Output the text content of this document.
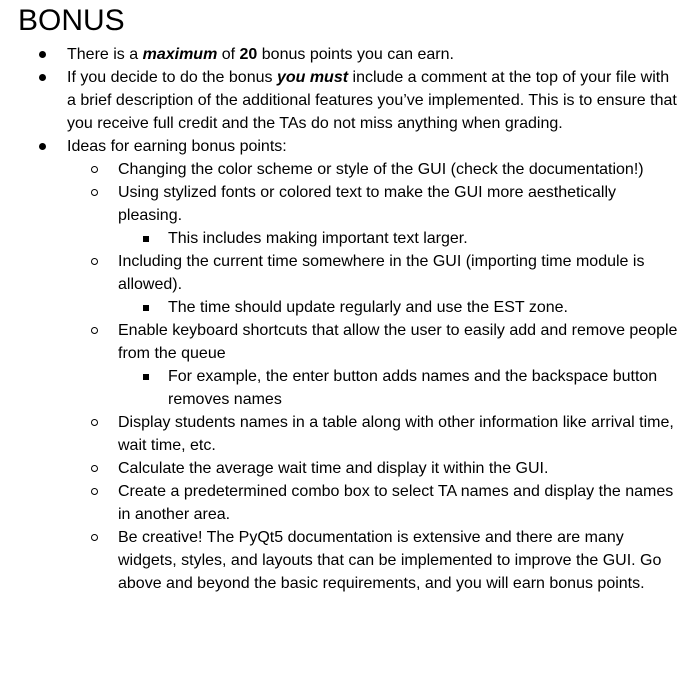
BONUS
There is a maximum of 20 bonus points you can earn.
If you decide to do the bonus you must include a comment at the top of your file with a brief description of the additional features you’ve implemented. This is to ensure that you receive full credit and the TAs do not miss anything when grading.
Ideas for earning bonus points:
Changing the color scheme or style of the GUI (check the documentation!)
Using stylized fonts or colored text to make the GUI more aesthetically pleasing.
This includes making important text larger.
Including the current time somewhere in the GUI (importing time module is allowed).
The time should update regularly and use the EST zone.
Enable keyboard shortcuts that allow the user to easily add and remove people from the queue
For example, the enter button adds names and the backspace button removes names
Display students names in a table along with other information like arrival time, wait time, etc.
Calculate the average wait time and display it within the GUI.
Create a predetermined combo box to select TA names and display the names in another area.
Be creative! The PyQt5 documentation is extensive and there are many widgets, styles, and layouts that can be implemented to improve the GUI. Go above and beyond the basic requirements, and you will earn bonus points.
